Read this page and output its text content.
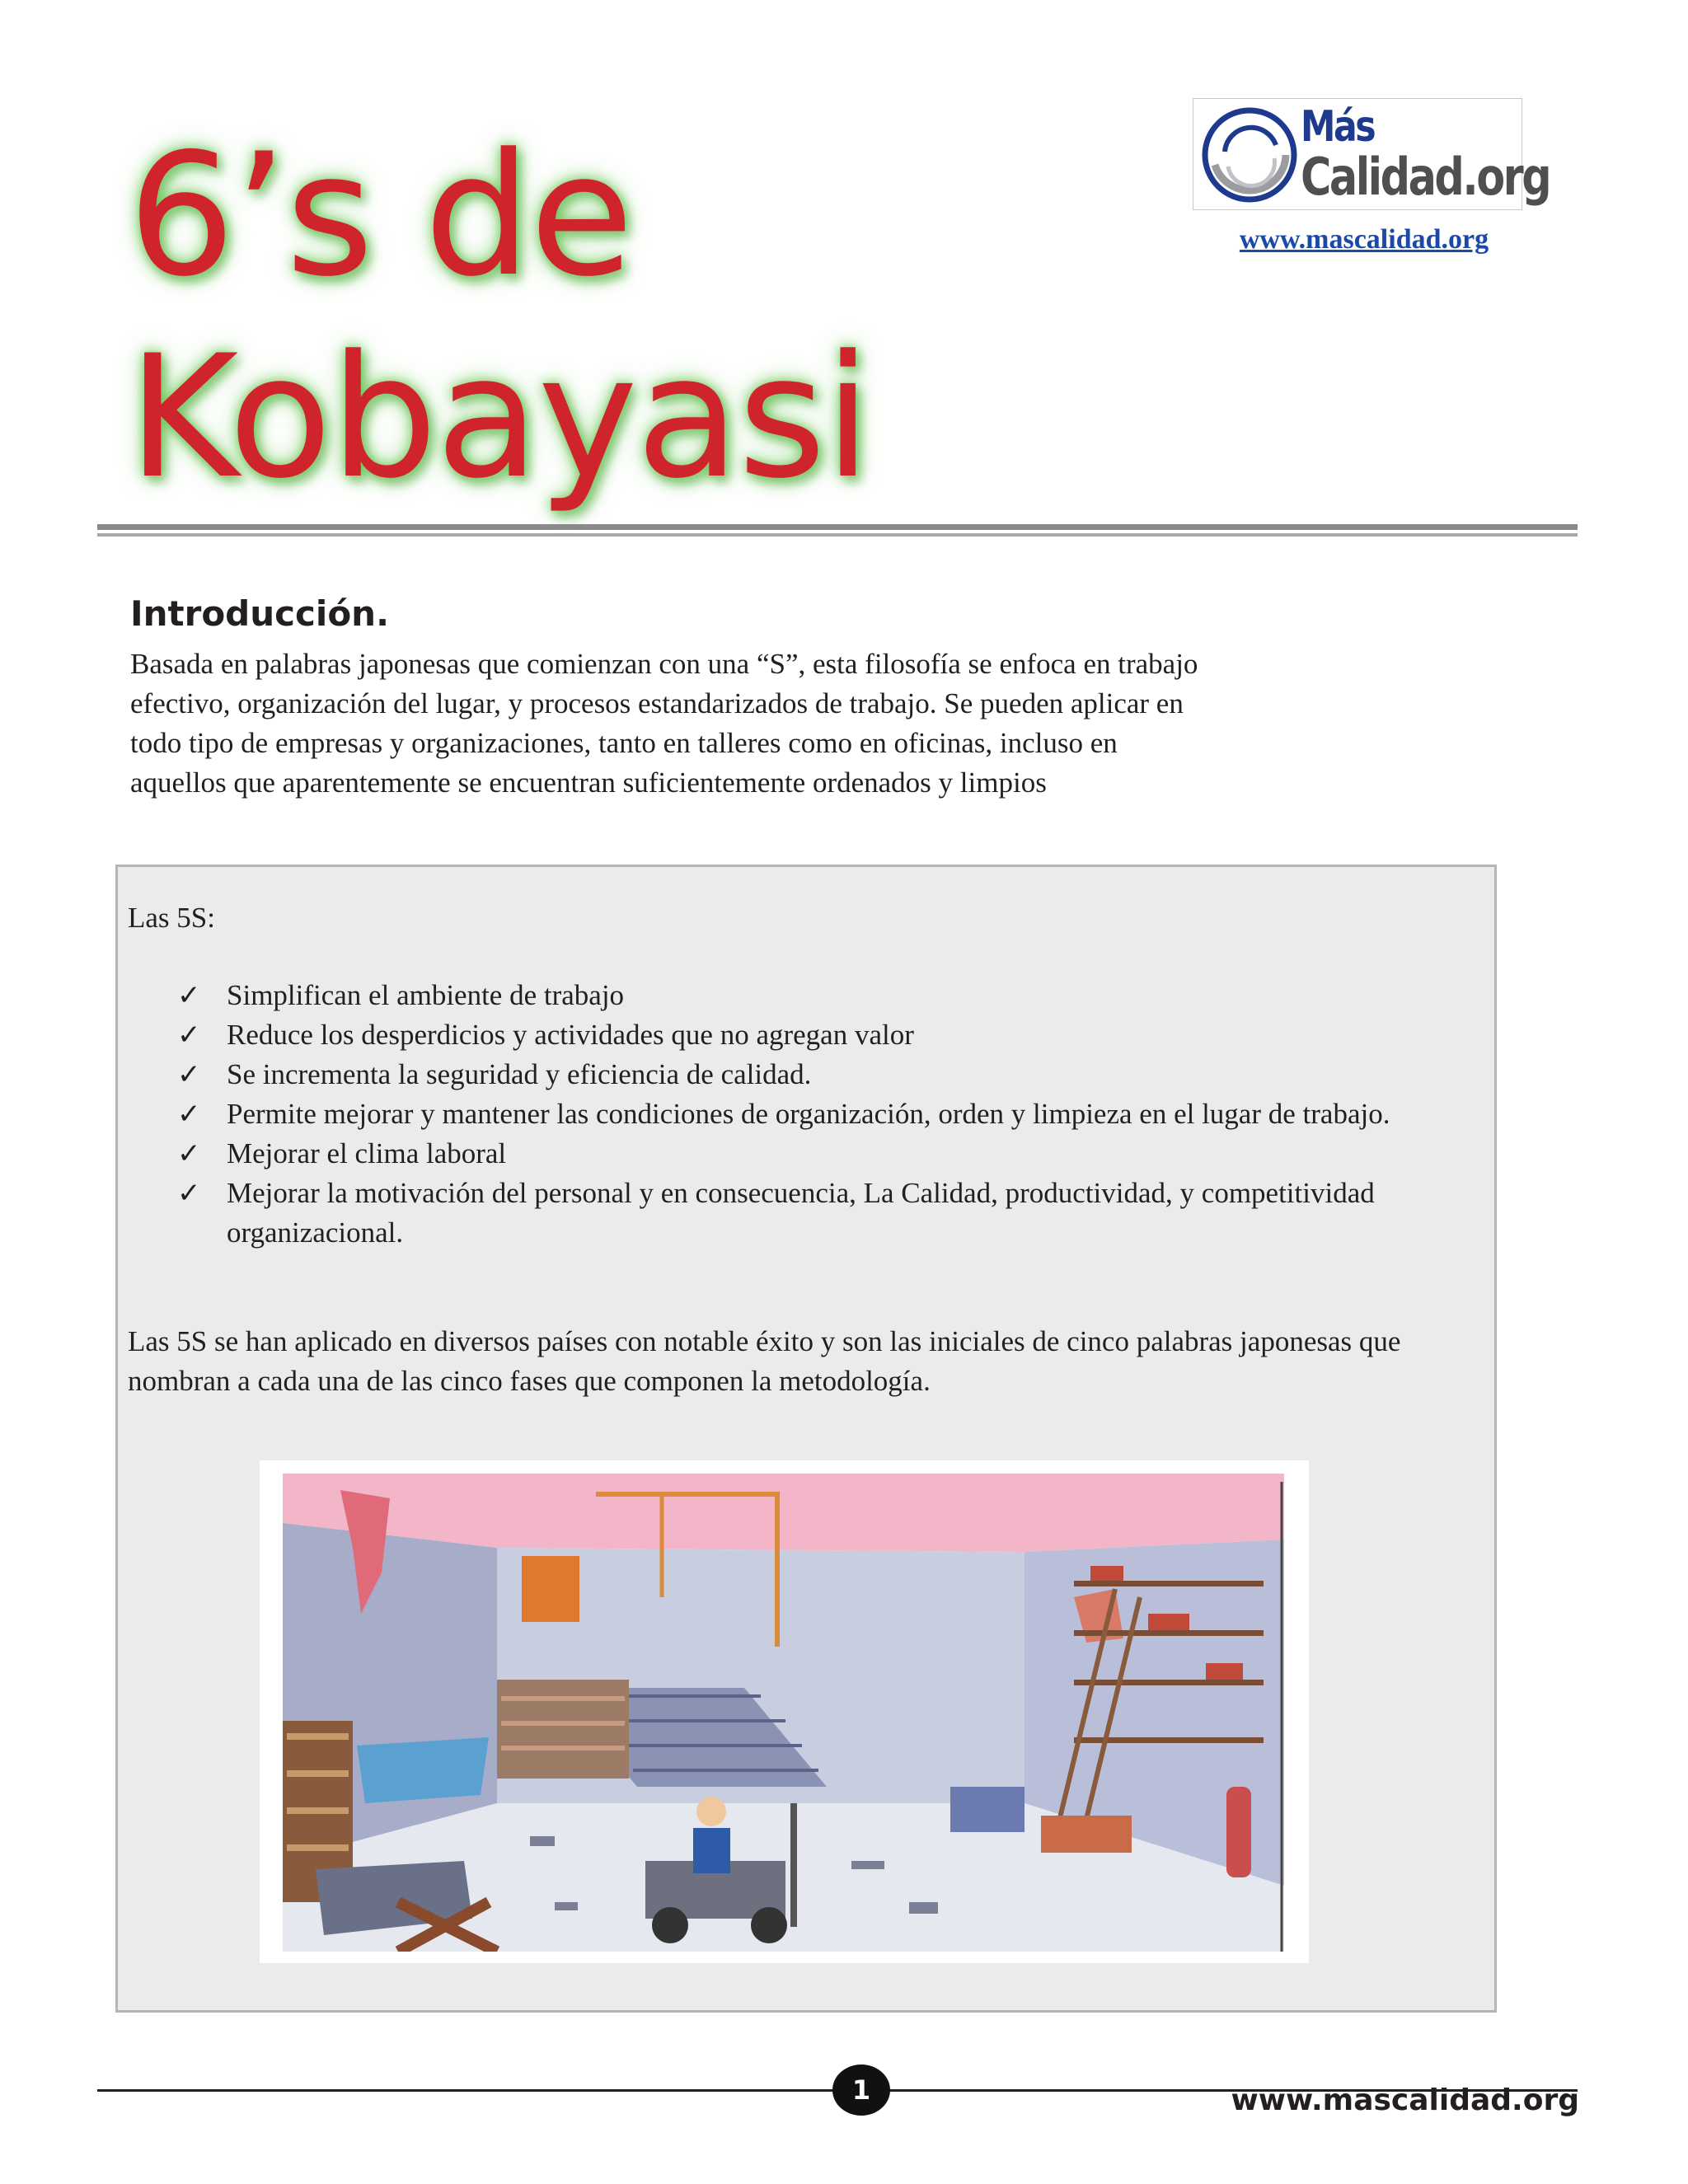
6’s de
Kobayasi
Más
Calidad.org
www.mascalidad.org
Introducción.

Basada en palabras japonesas que comienzan con una “S”, esta filosofía se enfoca en trabajo efectivo, organización del lugar, y procesos estandarizados de trabajo. Se pueden aplicar en todo tipo de empresas y organizaciones, tanto en talleres como en oficinas, incluso en aquellos que aparentemente se encuentran suficientemente ordenados y limpios

Las 5S:
✓ Simplifican el ambiente de trabajo
✓ Reduce los desperdicios y actividades que no agregan valor
✓ Se incrementa la seguridad y eficiencia de calidad.
✓ Permite mejorar y mantener las condiciones de organización, orden y limpieza en el lugar de trabajo.
✓ Mejorar el clima laboral
✓ Mejorar la motivación del personal y en consecuencia, La Calidad, productividad, y competitividad organizacional.

Las 5S se han aplicado en diversos países con notable éxito y son las iniciales de cinco palabras japonesas que nombran a cada una de las cinco fases que componen la metodología.

1	www.mascalidad.org
